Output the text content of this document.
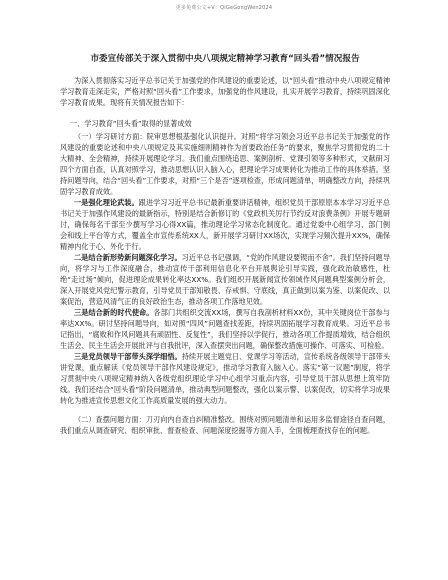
更多免费公文+V：QiGeGongWen2024
市委宣传部关于深入贯彻中央八项规定精神学习教育“回头看”情况报告

为深入贯彻落实习近平总书记关于加强党的作风建设的重要论述，以“回头看”推动中央八项规定精神学习教育走深走实，严格对照“回头看”工作要求，加强党的作风建设，扎实开展学习教育，持续巩固深化学习教育成果。现将有关情况报告如下：

一、学习教育“回头看”取得的显著成效

（一）学习研讨方面：院审思想根基强化认识提升。对照“将学习领会习近平总书记关于加强党的作风建设的重要论述和中央八项规定及其实施细则精神作为首要政治任务”的要求，聚焦学习贯彻党的二十大精神、全会精神，持续开展理论学习。我们重点围绕追思、案例剖析、党课引领等多种形式，文献研习四个方面自查，认真对照学习，推动思想认识入脑入心，把理论学习成果转化为推动工作的具体举措。坚持问题导向，结合“回头看”工作要求，对照“三个是否”逐项检查，形成问题清单，明确整改方向，持续巩固学习教育成效。

一是强化理论武装。跟进学习习近平总书记最新重要讲话精神，组织党员干部原原本本学习习近平总书记关于加强作风建设的最新指示，特别是结合新修订的《党政机关厉行节约反对浪费条例》开展专题研讨，确保每名干部至少撰写学习心得XX篇，推动理论学习常态化制度化。通过党委中心组学习、部门例会和线上平台等方式，覆盖全市宣传系统XX人，新开展学习研讨XX场次，实现学习频次提升XX%，确保精神内化于心、外化于行。

二是结合新形势新问题深化学习。习近平总书记强调，“党的作风建设要锲而不舍”。我们坚持问题导向，将学习与工作深度融合，推动宣传干部利用信息化平台开展舆论引导实践，强化政治敏感性，杜绝“走过场”倾向，促进理论成果转化率达XX%。我们组织开展新闻宣传领域作风问题典型案例分析会，深入开展党风党纪警示教育，引导党员干部知敬畏、存戒惧、守底线，真正做到以案为鉴、以案促改、以案促治，营造风清气正的良好政治生态，推动各项工作落地见效。

三是结合新的时代使命。各部门共组织交流XX场，撰写自我剖析材料XX份，其中关键岗位干部参与率达XX%。研讨坚持问题导向，如对照“四风”问题查找差距，持续巩固拓展学习教育成果。习近平总书记指出，“腐败和作风问题具有顽固性、反复性”，我们坚持以学促行，推动各项工作提质增效，结合组织生活会、民主生活会开展批评与自我批评，深入查摆突出问题，确保整改措施可操作、可落实、可检验。

三是党员领导干部带头深学细悟。持续开展主题党日、党课学习等活动，宣传系统各级领导干部带头讲党课，重点解读《党员领导干部作风建设规定》，推动学习教育入脑入心。落实“第一议题”制度，将学习贯彻中央八项规定精神纳入各级党组织理论学习中心组学习重点内容，引导党员干部从思想上筑牢防线。我们还结合“回头看”阶段问题清单，推动典型问题整改，强化以案示警、以案促改，切实将学习成果转化为推进宣传思想文化工作高质量发展的强大动力。

（二）查摆问题方面：刀刃向内自查自纠精准整改。围绕对照问题清单和运用多监督途径自查问题，我们重点从调查研究、组织审批、督查检查、问题深度挖掘等方面入手，全面梳理查找存在的问题。
